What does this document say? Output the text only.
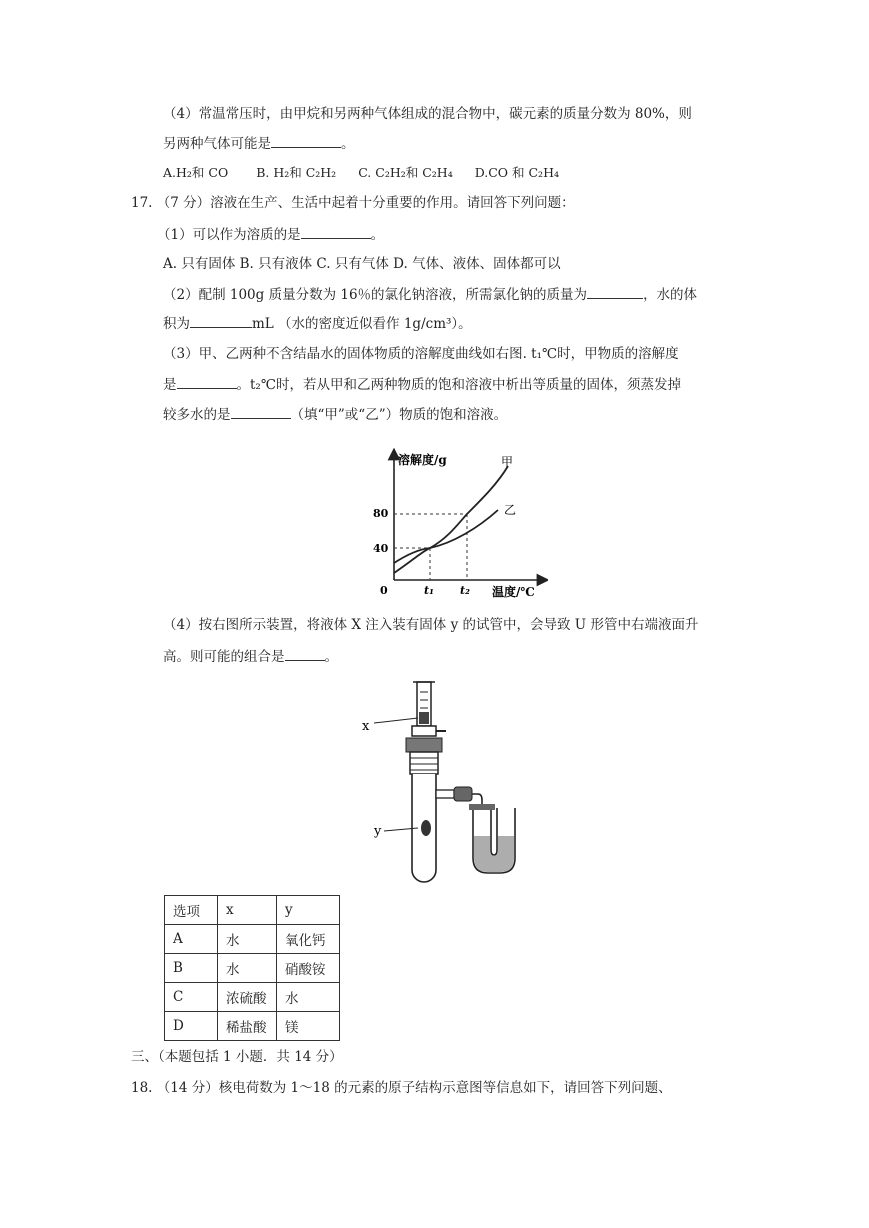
（4）常温常压时，由甲烷和另两种气体组成的混合物中，碳元素的质量分数为 80%，则
另两种气体可能是	。
A.H₂和 CO B. H₂和 C₂H₂ C. C₂H₂和 C₂H₄ D.CO 和 C₂H₄
17. （7 分）溶液在生产、生活中起着十分重要的作用。请回答下列问题：
（1）可以作为溶质的是	。
A. 只有固体 B. 只有液体 C. 只有气体 D. 气体、液体、固体都可以
（2）配制 100g 质量分数为 16％的氯化钠溶液，所需氯化钠的质量为	，水的体
积为	mL （水的密度近似看作 1g/cm³）。
（3）甲、乙两种不含结晶水的固体物质的溶解度曲线如右图. t₁℃时，甲物质的溶解度
是	。t₂℃时，若从甲和乙两种物质的饱和溶液中析出等质量的固体，须蒸发掉
较多水的是	（填“甲”或“乙”）物质的饱和溶液。
溶解度/g
温度/℃
0
40
80
t₁ t₂
甲
乙
（4）按右图所示装置，将液体 X 注入装有固体 y 的试管中，会导致 U 形管中右端液面升
高。则可能的组合是	。
x
y
选项	x	y
A	水	氧化钙
B	水	硝酸铵
C	浓硫酸	水
D	稀盐酸	镁
三、（本题包括 1 小题．共 14 分）
18. （14 分）核电荷数为 1～18 的元素的原子结构示意图等信息如下，请回答下列问题、
